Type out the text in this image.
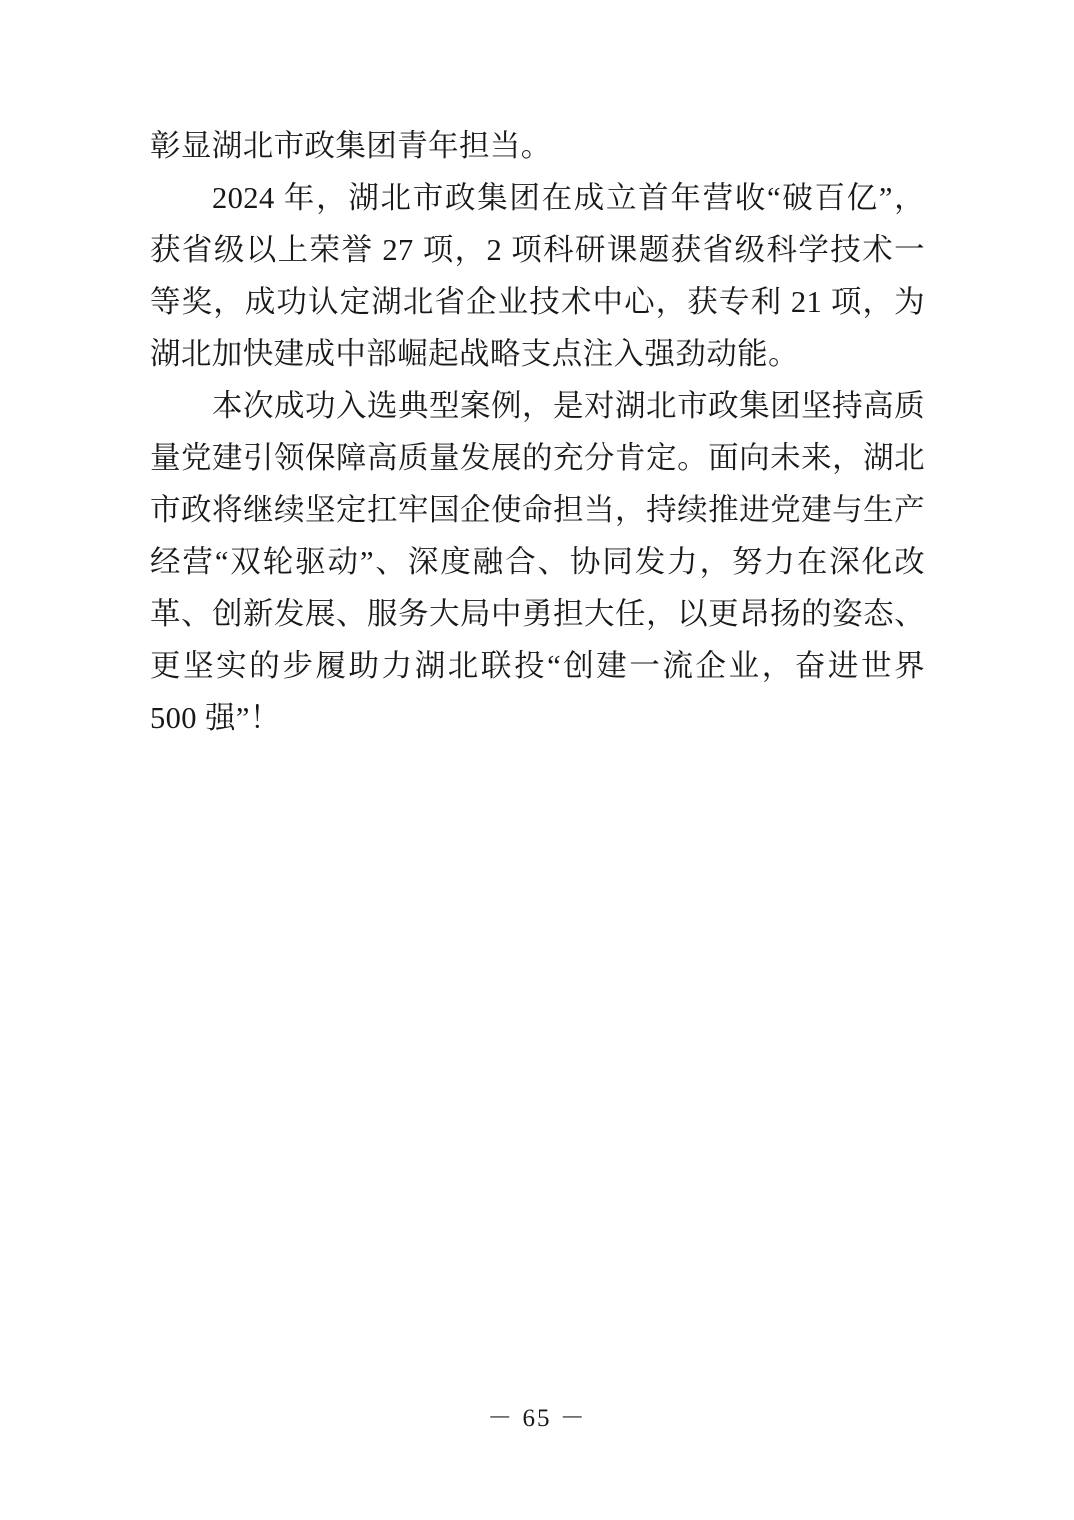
彰显湖北市政集团青年担当。

2024 年，湖北市政集团在成立首年营收“破百亿”，获省级以上荣誉 27 项，2 项科研课题获省级科学技术一等奖，成功认定湖北省企业技术中心，获专利 21 项，为湖北加快建成中部崛起战略支点注入强劲动能。

本次成功入选典型案例，是对湖北市政集团坚持高质量党建引领保障高质量发展的充分肯定。面向未来，湖北市政将继续坚定扛牢国企使命担当，持续推进党建与生产经营“双轮驱动”、深度融合、协同发力，努力在深化改革、创新发展、服务大局中勇担大任，以更昂扬的姿态、更坚实的步履助力湖北联投“创建一流企业，奋进世界 500 强”！

－ 65 －
